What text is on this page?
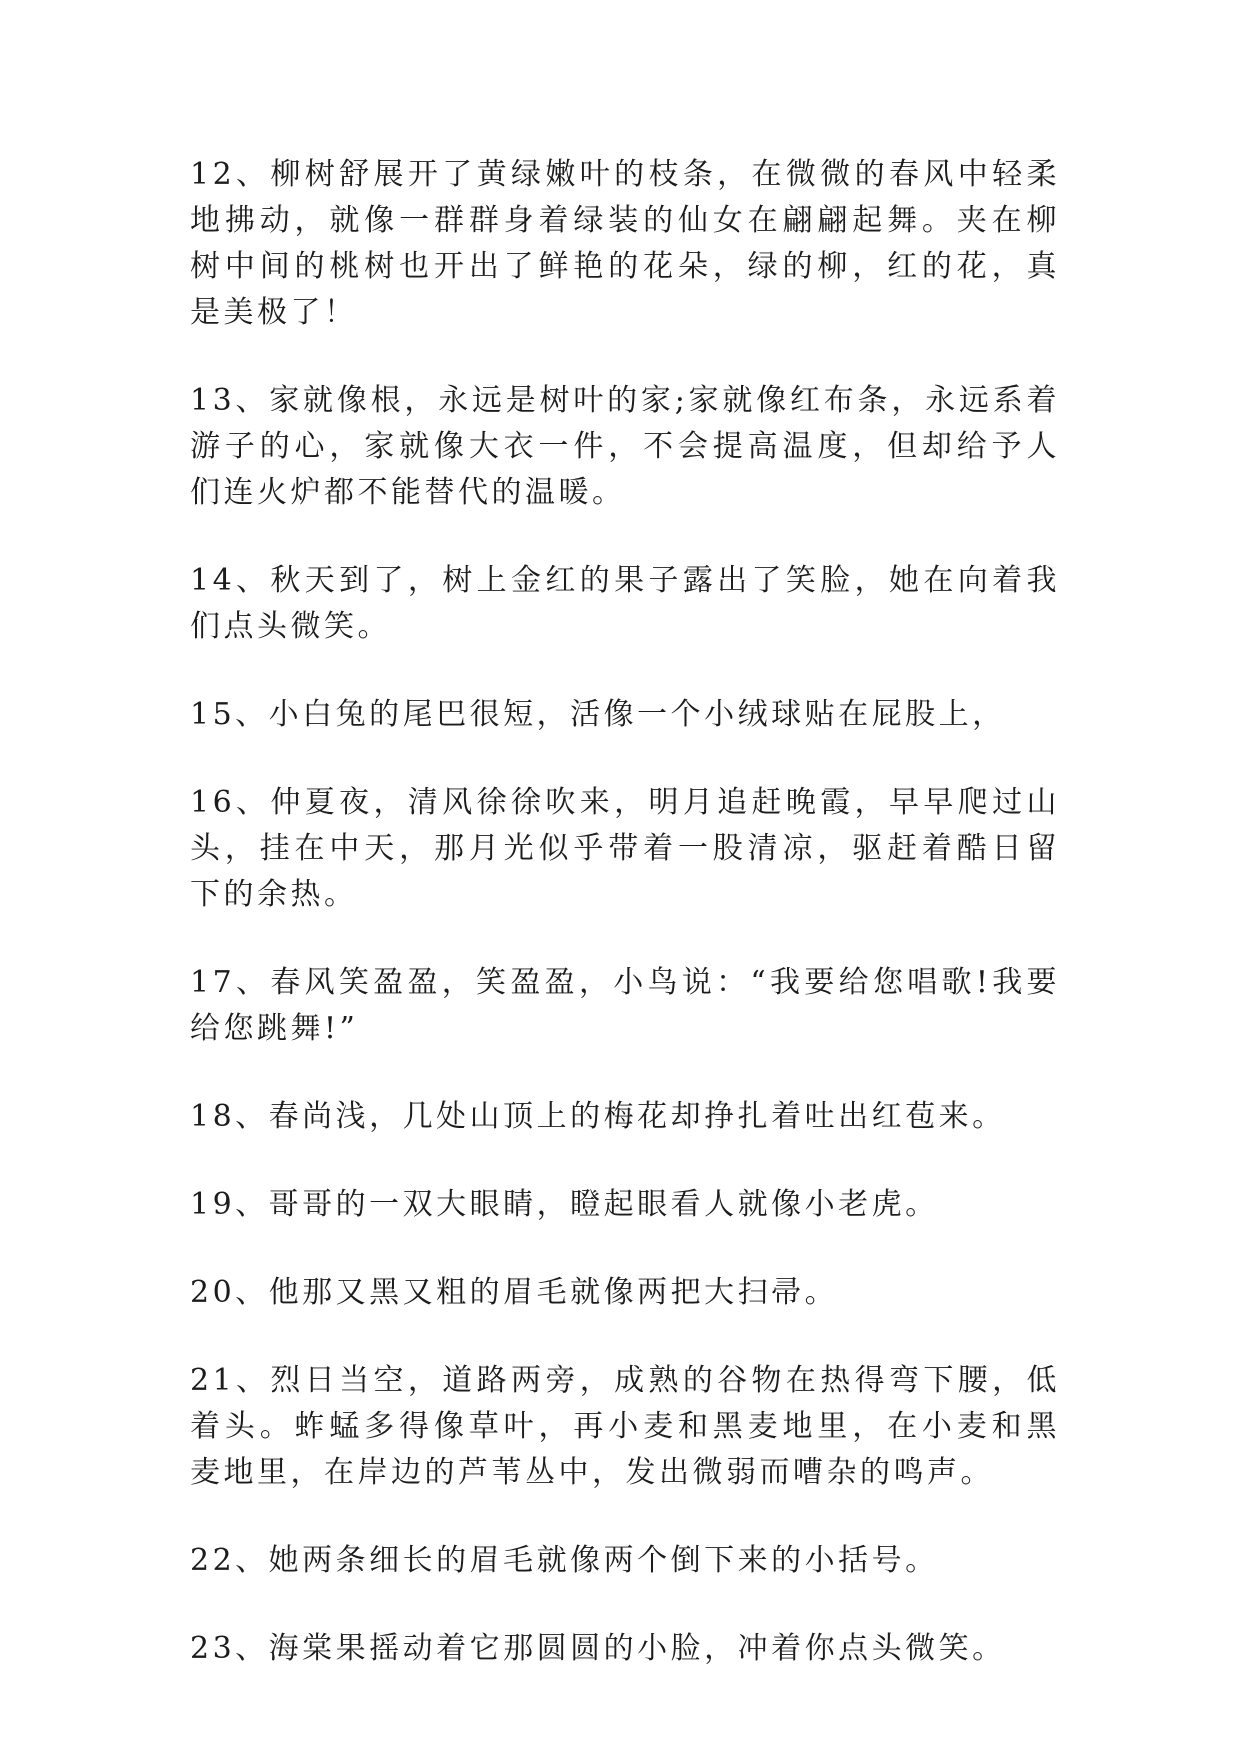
12、柳树舒展开了黄绿嫩叶的枝条，在微微的春风中轻柔地拂动，就像一群群身着绿装的仙女在翩翩起舞。夹在柳树中间的桃树也开出了鲜艳的花朵，绿的柳，红的花，真是美极了！

13、家就像根，永远是树叶的家;家就像红布条，永远系着游子的心，家就像大衣一件，不会提高温度，但却给予人们连火炉都不能替代的温暖。

14、秋天到了，树上金红的果子露出了笑脸，她在向着我们点头微笑。

15、小白兔的尾巴很短，活像一个小绒球贴在屁股上，

16、仲夏夜，清风徐徐吹来，明月追赶晚霞，早早爬过山头，挂在中天，那月光似乎带着一股清凉，驱赶着酷日留下的余热。

17、春风笑盈盈，笑盈盈，小鸟说：“我要给您唱歌!我要给您跳舞!”

18、春尚浅，几处山顶上的梅花却挣扎着吐出红苞来。

19、哥哥的一双大眼睛，瞪起眼看人就像小老虎。

20、他那又黑又粗的眉毛就像两把大扫帚。

21、烈日当空，道路两旁，成熟的谷物在热得弯下腰，低着头。蚱蜢多得像草叶，再小麦和黑麦地里，在小麦和黑麦地里，在岸边的芦苇丛中，发出微弱而嘈杂的鸣声。

22、她两条细长的眉毛就像两个倒下来的小括号。

23、海棠果摇动着它那圆圆的小脸，冲着你点头微笑。
